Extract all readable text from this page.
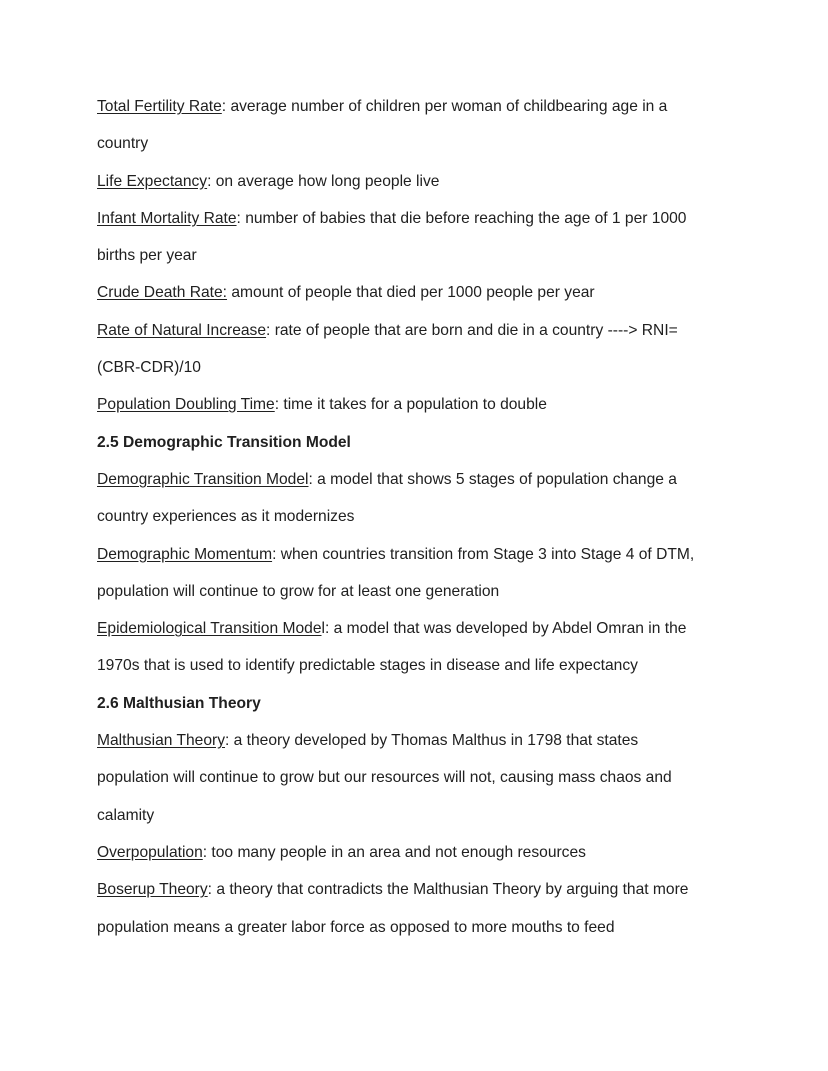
Total Fertility Rate: average number of children per woman of childbearing age in a
country
Life Expectancy: on average how long people live
Infant Mortality Rate: number of babies that die before reaching the age of 1 per 1000
births per year
Crude Death Rate: amount of people that died per 1000 people per year
Rate of Natural Increase: rate of people that are born and die in a country ----> RNI=
(CBR-CDR)/10
Population Doubling Time: time it takes for a population to double
2.5 Demographic Transition Model
Demographic Transition Model: a model that shows 5 stages of population change a
country experiences as it modernizes
Demographic Momentum: when countries transition from Stage 3 into Stage 4 of DTM,
population will continue to grow for at least one generation
Epidemiological Transition Model: a model that was developed by Abdel Omran in the
1970s that is used to identify predictable stages in disease and life expectancy
2.6 Malthusian Theory
Malthusian Theory: a theory developed by Thomas Malthus in 1798 that states
population will continue to grow but our resources will not, causing mass chaos and
calamity
Overpopulation: too many people in an area and not enough resources
Boserup Theory: a theory that contradicts the Malthusian Theory by arguing that more
population means a greater labor force as opposed to more mouths to feed
